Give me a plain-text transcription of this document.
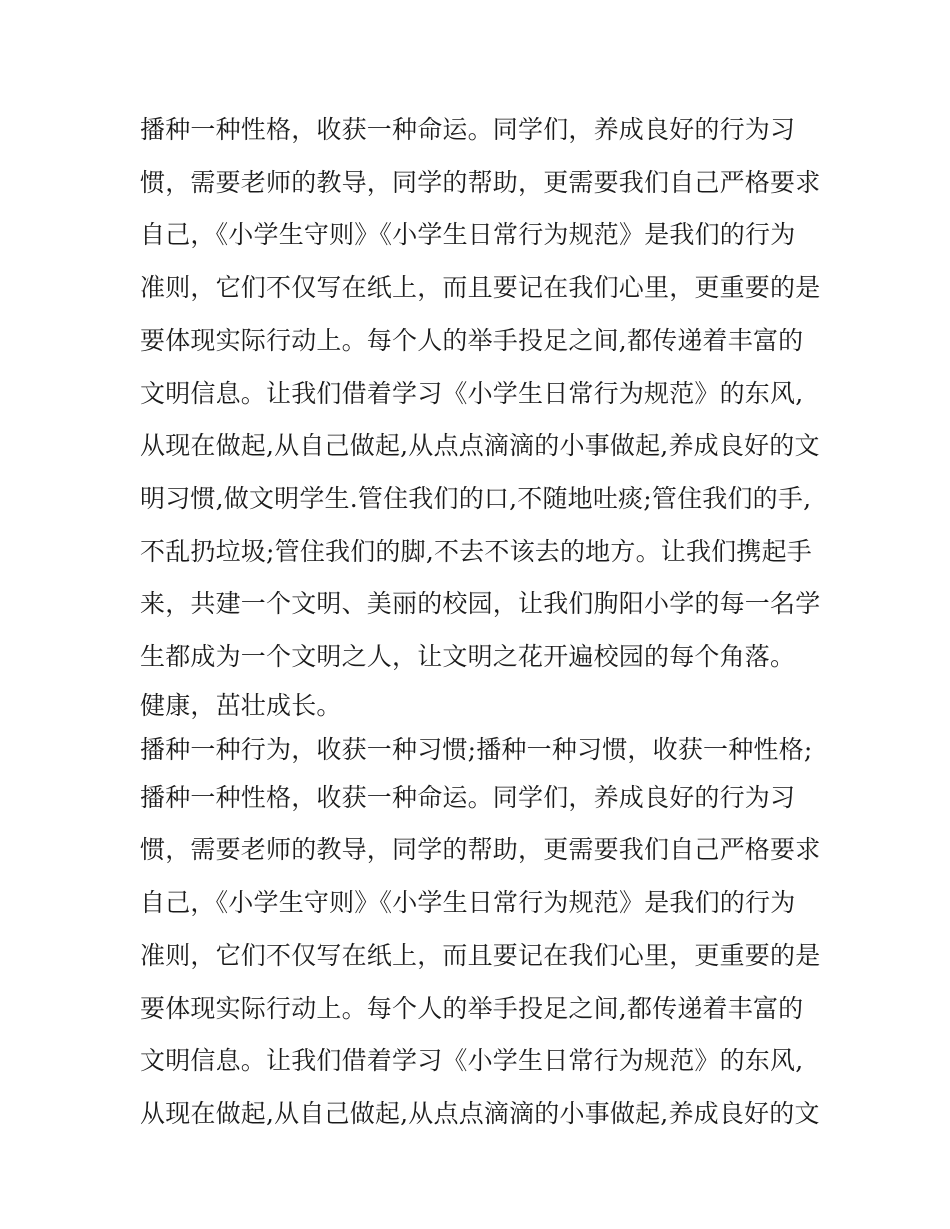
播种一种性格，收获一种命运。同学们，养成良好的行为习
惯，需要老师的教导，同学的帮助，更需要我们自己严格要求
自己，《小学生守则》《小学生日常行为规范》是我们的行为
准则，它们不仅写在纸上，而且要记在我们心里，更重要的是
要体现实际行动上。每个人的举手投足之间,都传递着丰富的
文明信息。让我们借着学习《小学生日常行为规范》的东风,
从现在做起,从自己做起,从点点滴滴的小事做起,养成良好的文
明习惯,做文明学生.管住我们的口,不随地吐痰;管住我们的手,
不乱扔垃圾;管住我们的脚,不去不该去的地方。让我们携起手
来，共建一个文明、美丽的校园，让我们朐阳小学的每一名学
生都成为一个文明之人，让文明之花开遍校园的每个角落。
健康，茁壮成长。
播种一种行为，收获一种习惯;播种一种习惯，收获一种性格;
播种一种性格，收获一种命运。同学们，养成良好的行为习
惯，需要老师的教导，同学的帮助，更需要我们自己严格要求
自己，《小学生守则》《小学生日常行为规范》是我们的行为
准则，它们不仅写在纸上，而且要记在我们心里，更重要的是
要体现实际行动上。每个人的举手投足之间,都传递着丰富的
文明信息。让我们借着学习《小学生日常行为规范》的东风,
从现在做起,从自己做起,从点点滴滴的小事做起,养成良好的文
